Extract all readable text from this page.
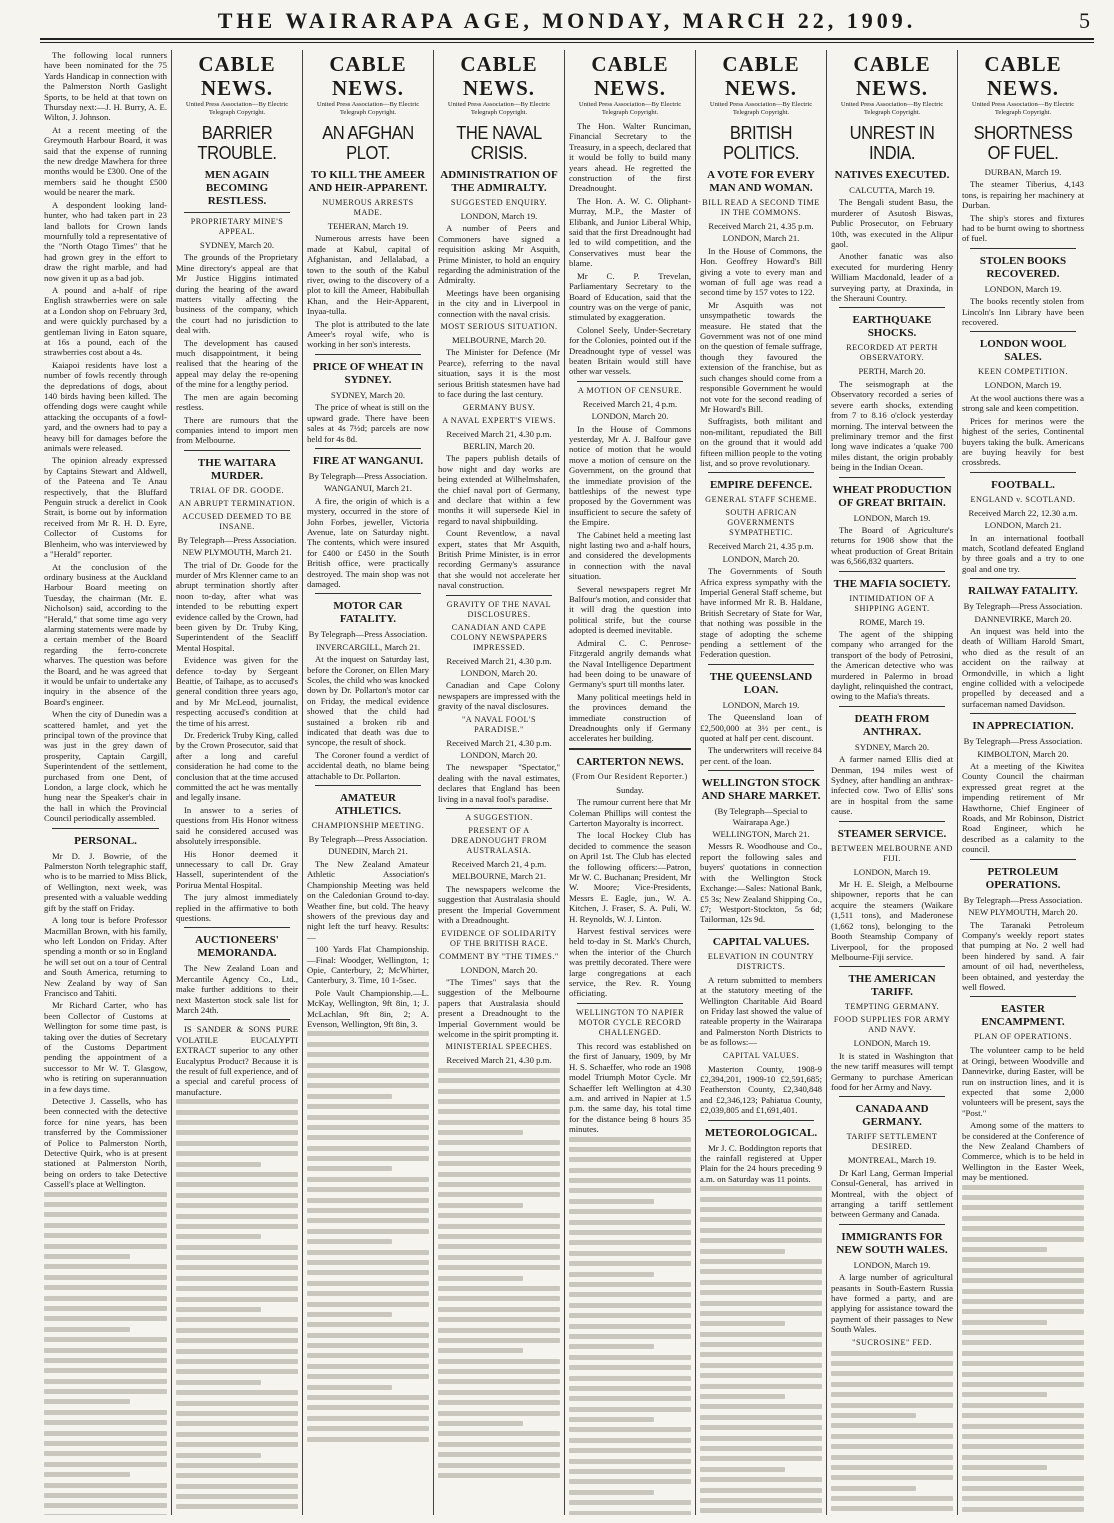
THE WAIRARAPA AGE, MONDAY, MARCH 22, 1909.	5

The following local runners have been nominated for the 75 Yards Handicap in connection with the Palmerston North Gaslight Sports, to be held at that town on Thursday next:—J. H. Burry, A. E. Wilton, J. Johnson.

At a recent meeting of the Greymouth Harbour Board, it was said that the expense of running the new dredge Mawhera for three months would be £300. One of the members said he thought £500 would be nearer the mark.

A despondent looking land-hunter, who had taken part in 23 land ballots for Crown lands mournfully told a representative of the "North Otago Times" that he had grown grey in the effort to draw the right marble, and had now given it up as a bad job.

A pound and a-half of ripe English strawberries were on sale at a London shop on February 3rd, and were quickly purchased by a gentleman living in Eaton square, at 16s a pound, each of the strawberries cost about a 4s.

Kaiapoi residents have lost a number of fowls recently through the depredations of dogs, about 140 birds having been killed. The offending dogs were caught while attacking the occupants of a fowl-yard, and the owners had to pay a heavy bill for damages before the animals were released.

The opinion already expressed by Captains Stewart and Aldwell, of the Pateena and Te Anau respectively, that the Bluffard Penguin struck a derelict in Cook Strait, is borne out by information received from Mr R. H. D. Eyre, Collector of Customs for Blenheim, who was interviewed by a "Herald" reporter.

At the conclusion of the ordinary business at the Auckland Harbour Board meeting on Tuesday, the chairman (Mr. E. Nicholson) said, according to the "Herald," that some time ago very alarming statements were made by a certain member of the Board regarding the ferro-concrete wharves. The question was before the Board, and he was agreed that it would be unfair to undertake any inquiry in the absence of the Board's engineer.

When the city of Dunedin was a scattered hamlet, and yet the principal town of the province that was just in the grey dawn of prosperity, Captain Cargill, Superintendent of the settlement, purchased from one Dent, of London, a large clock, which he hung near the Speaker's chair in the hall in which the Provincial Council periodically assembled.

PERSONAL.

Mr D. J. Bowrie, of the Palmerston North telegraphic staff, who is to be married to Miss Blick, of Wellington, next week, was presented with a valuable wedding gift by the staff on Friday.

A long tour is before Professor Macmillan Brown, with his family, who left London on Friday. After spending a month or so in England he will set out on a tour of Central and South America, returning to New Zealand by way of San Francisco and Tahiti.

Mr Richard Carter, who has been Collector of Customs at Wellington for some time past, is taking over the duties of Secretary of the Customs Department pending the appointment of a successor to Mr W. T. Glasgow, who is retiring on superannuation in a few days time.

Detective J. Cassells, who has been connected with the detective force for nine years, has been transferred by the Commissioner of Police to Palmerston North, Detective Quirk, who is at present stationed at Palmerston North, being on orders to take Detective Cassell's place at Wellington.

CABLE NEWS.
United Press Association—By Electric Telegraph Copyright.
BARRIER TROUBLE.
MEN AGAIN BECOMING RESTLESS.
PROPRIETARY MINE'S APPEAL.
SYDNEY, March 20.

The grounds of the Proprietary Mine directory's appeal are that Mr Justice Higgins intimated during the hearing of the award matters vitally affecting the business of the company, which the court had no jurisdiction to deal with.

The development has caused much disappointment, it being realised that the hearing of the appeal may delay the re-opening of the mine for a lengthy period.

The men are again becoming restless.

There are rumours that the companies intend to import men from Melbourne.

THE WAITARA MURDER.
TRIAL OF DR. GOODE.
AN ABRUPT TERMINATION.
ACCUSED DEEMED TO BE INSANE.
By Telegraph—Press Association.
NEW PLYMOUTH, March 21.

The trial of Dr. Goode for the murder of Mrs Klenner came to an abrupt termination shortly after noon to-day, after what was intended to be rebutting expert evidence called by the Crown, had been given by Dr. Truby King, Superintendent of the Seacliff Mental Hospital.

Evidence was given for the defence to-day by Sergeant Beattie, of Taihape, as to accused's general condition three years ago, and by Mr McLeod, journalist, respecting accused's condition at the time of his arrest.

Dr. Frederick Truby King, called by the Crown Prosecutor, said that after a long and careful consideration he had come to the conclusion that at the time accused committed the act he was mentally and legally insane.

In answer to a series of questions from His Honor witness said he considered accused was absolutely irresponsible.

His Honor deemed it unnecessary to call Dr. Gray Hassell, superintendent of the Porirua Mental Hospital.

The jury almost immediately replied in the affirmative to both questions.

AUCTIONEERS' MEMORANDA.

The New Zealand Loan and Mercantile Agency Co., Ltd., make further additions to their next Masterton stock sale list for March 24th.

IS SANDER & SONS PURE VOLATILE EUCALYPTI EXTRACT superior to any other Eucalyptus Product? Because it is the result of full experience, and of a special and careful process of manufacture.

CABLE NEWS.
United Press Association—By Electric Telegraph Copyright.
AN AFGHAN PLOT.
TO KILL THE AMEER AND HEIR-APPARENT.
NUMEROUS ARRESTS MADE.
TEHERAN, March 19.

Numerous arrests have been made at Kabul, capital of Afghanistan, and Jellalabad, a town to the south of the Kabul river, owing to the discovery of a plot to kill the Ameer, Habibullah Khan, and the Heir-Apparent, Inyaa-tulla.

The plot is attributed to the late Ameer's royal wife, who is working in her son's interests.

PRICE OF WHEAT IN SYDNEY.
SYDNEY, March 20.

The price of wheat is still on the upward grade. There have been sales at 4s 7½d; parcels are now held for 4s 8d.

FIRE AT WANGANUI.
By Telegraph—Press Association.
WANGANUI, March 21.

A fire, the origin of which is a mystery, occurred in the store of John Forbes, jeweller, Victoria Avenue, late on Saturday night. The contents, which were insured for £400 or £450 in the South British office, were practically destroyed. The main shop was not damaged.

MOTOR CAR FATALITY.
By Telegraph—Press Association.
INVERCARGILL, March 21.

At the inquest on Saturday last, before the Coroner, on Ellen Mary Scoles, the child who was knocked down by Dr. Pollarton's motor car on Friday, the medical evidence showed that the child had sustained a broken rib and indicated that death was due to syncope, the result of shock.

The Coroner found a verdict of accidental death, no blame being attachable to Dr. Pollarton.

AMATEUR ATHLETICS.
CHAMPIONSHIP MEETING.
By Telegraph—Press Association.
DUNEDIN, March 21.

The New Zealand Amateur Athletic Association's Championship Meeting was held on the Caledonian Ground to-day. Weather fine, but cold. The heavy showers of the previous day and night left the turf heavy. Results:—

100 Yards Flat Championship.—Final: Woodger, Wellington, 1; Opie, Canterbury, 2; McWhirter, Canterbury, 3. Time, 10 1-5sec.

Pole Vault Championship.—L. McKay, Wellington, 9ft 8in, 1; J. McLachlan, 9ft 8in, 2; A. Evenson, Wellington, 9ft 8in, 3.

CABLE NEWS.
United Press Association—By Electric Telegraph Copyright.
THE NAVAL CRISIS.
ADMINISTRATION OF THE ADMIRALTY.
SUGGESTED ENQUIRY.
LONDON, March 19.

A number of Peers and Commoners have signed a requisition asking Mr Asquith, Prime Minister, to hold an enquiry regarding the administration of the Admiralty.

Meetings have been organising in the city and in Liverpool in connection with the naval crisis.

MOST SERIOUS SITUATION.
MELBOURNE, March 20.

The Minister for Defence (Mr Pearce), referring to the naval situation, says it is the most serious British statesmen have had to face during the last century.

GERMANY BUSY.
A NAVAL EXPERT'S VIEWS.
Received March 21, 4.30 p.m.
BERLIN, March 20.

The papers publish details of how night and day works are being extended at Wilhelmshafen, the chief naval port of Germany, and declare that within a few months it will supersede Kiel in regard to naval shipbuilding.

Count Reventlow, a naval expert, states that Mr Asquith, British Prime Minister, is in error recording Germany's assurance that she would not accelerate her naval construction.

GRAVITY OF THE NAVAL DISCLOSURES.
CANADIAN AND CAPE COLONY NEWSPAPERS IMPRESSED.
Received March 21, 4.30 p.m.
LONDON, March 20.

Canadian and Cape Colony newspapers are impressed with the gravity of the naval disclosures.

"A NAVAL FOOL'S PARADISE."
Received March 21, 4.30 p.m.
LONDON, March 20.

The newspaper "Spectator," dealing with the naval estimates, declares that England has been living in a naval fool's paradise.

A SUGGESTION.
PRESENT OF A DREADNOUGHT FROM AUSTRALASIA.
Received March 21, 4 p.m.
MELBOURNE, March 21.

The newspapers welcome the suggestion that Australasia should present the Imperial Government with a Dreadnought.

EVIDENCE OF SOLIDARITY OF THE BRITISH RACE.
COMMENT BY "THE TIMES."
LONDON, March 20.

"The Times" says that the suggestion of the Melbourne papers that Australasia should present a Dreadnought to the Imperial Government would be welcome in the spirit prompting it.

MINISTERIAL SPEECHES.
Received March 21, 4.30 p.m.
CABLE NEWS.
United Press Association—By Electric Telegraph Copyright.

The Hon. Walter Runciman, Financial Secretary to the Treasury, in a speech, declared that it would be folly to build many years ahead. He regretted the construction of the first Dreadnought.

The Hon. A. W. C. Oliphant-Murray, M.P., the Master of Elibank, and Junior Liberal Whip, said that the first Dreadnought had led to wild competition, and the Conservatives must bear the blame.

Mr C. P. Trevelan, Parliamentary Secretary to the Board of Education, said that the country was on the verge of panic, stimulated by exaggeration.

Colonel Seely, Under-Secretary for the Colonies, pointed out if the Dreadnought type of vessel was beaten Britain would still have other war vessels.

A MOTION OF CENSURE.
Received March 21, 4 p.m.
LONDON, March 20.

In the House of Commons yesterday, Mr A. J. Balfour gave notice of motion that he would move a motion of censure on the Government, on the ground that the immediate provision of the battleships of the newest type proposed by the Government was insufficient to secure the safety of the Empire.

The Cabinet held a meeting last night lasting two and a-half hours, and considered the developments in connection with the naval situation.

Several newspapers regret Mr Balfour's motion, and consider that it will drag the question into political strife, but the course adopted is deemed inevitable.

Admiral C. C. Penrose-Fitzgerald angrily demands what the Naval Intelligence Department had been doing to be unaware of Germany's spurt till months later.

Many political meetings held in the provinces demand the immediate construction of Dreadnoughts only if Germany accelerates her building.

CARTERTON NEWS.
(From Our Resident Reporter.)
Sunday.

The rumour current here that Mr Coleman Phillips will contest the Carterton Mayoralty is incorrect.

The local Hockey Club has decided to commence the season on April 1st. The Club has elected the following officers:—Patron, Mr W. C. Buchanan; President, Mr W. Moore; Vice-Presidents, Messrs E. Eagle, jun., W. A. Kitchen, J. Fraser, S. A. Puli, W. H. Reynolds, W. J. Linton.

Harvest festival services were held to-day in St. Mark's Church, when the interior of the Church was prettily decorated. There were large congregations at each service, the Rev. R. Young officiating.

WELLINGTON TO NAPIER MOTOR CYCLE RECORD CHALLENGED.

This record was established on the first of January, 1909, by Mr H. S. Schaeffer, who rode an 1908 model Triumph Motor Cycle. Mr Schaeffer left Wellington at 4.30 a.m. and arrived in Napier at 1.5 p.m. the same day, his total time for the distance being 8 hours 35 minutes.

CABLE NEWS.
United Press Association—By Electric Telegraph Copyright.
BRITISH POLITICS.
A VOTE FOR EVERY MAN AND WOMAN.
BILL READ A SECOND TIME IN THE COMMONS.
Received March 21, 4.35 p.m.
LONDON, March 21.

In the House of Commons, the Hon. Geoffrey Howard's Bill giving a vote to every man and woman of full age was read a second time by 157 votes to 122.

Mr Asquith was not unsympathetic towards the measure. He stated that the Government was not of one mind on the question of female suffrage, though they favoured the extension of the franchise, but as such changes should come from a responsible Government he would not vote for the second reading of Mr Howard's Bill.

Suffragists, both militant and non-militant, repudiated the Bill on the ground that it would add fifteen million people to the voting list, and so prove revolutionary.

EMPIRE DEFENCE.
GENERAL STAFF SCHEME.
SOUTH AFRICAN GOVERNMENTS SYMPATHETIC.
Received March 21, 4.35 p.m.
LONDON, March 20.

The Governments of South Africa express sympathy with the Imperial General Staff scheme, but have informed Mr R. B. Haldane, British Secretary of State for War, that nothing was possible in the stage of adopting the scheme pending a settlement of the Federation question.

THE QUEENSLAND LOAN.
LONDON, March 19.

The Queensland loan of £2,500,000 at 3½ per cent., is quoted at half per cent. discount.

The underwriters will receive 84 per cent. of the loan.

WELLINGTON STOCK AND SHARE MARKET.
(By Telegraph—Special to Wairarapa Age.)
WELLINGTON, March 21.

Messrs R. Woodhouse and Co., report the following sales and buyers' quotations in connection with the Wellington Stock Exchange:—Sales: National Bank, £5 3s; New Zealand Shipping Co., £7; Westport-Stockton, 5s 6d; Tailorman, 12s 9d.

CAPITAL VALUES.
ELEVATION IN COUNTRY DISTRICTS.

A return submitted to members at the statutory meeting of the Wellington Charitable Aid Board on Friday last showed the value of rateable property in the Wairarapa and Palmerston North Districts to be as follows:—

CAPITAL VALUES.

Masterton County, 1908-9 £2,394,201, 1909-10 £2,591,685; Featherston County, £2,340,848 and £2,346,123; Pahiatua County, £2,039,805 and £1,691,401.

METEOROLOGICAL.

Mr J. C. Boddington reports that the rainfall registered at Upper Plain for the 24 hours preceding 9 a.m. on Saturday was 11 points.

CABLE NEWS.
United Press Association—By Electric Telegraph Copyright.
UNREST IN INDIA.
NATIVES EXECUTED.
CALCUTTA, March 19.

The Bengali student Basu, the murderer of Asutosh Biswas, Public Prosecutor, on February 10th, was executed in the Alipur gaol.

Another fanatic was also executed for murdering Henry William Macdonald, leader of a surveying party, at Draxinda, in the Sherauni Country.

EARTHQUAKE SHOCKS.
RECORDED AT PERTH OBSERVATORY.
PERTH, March 20.

The seismograph at the Observatory recorded a series of severe earth shocks, extending from 7 to 8.16 o'clock yesterday morning. The interval between the preliminary tremor and the first long wave indicates a 'quake 700 miles distant, the origin probably being in the Indian Ocean.

WHEAT PRODUCTION OF GREAT BRITAIN.
LONDON, March 19.

The Board of Agriculture's returns for 1908 show that the wheat production of Great Britain was 6,566,832 quarters.

THE MAFIA SOCIETY.
INTIMIDATION OF A SHIPPING AGENT.
ROME, March 19.

The agent of the shipping company who arranged for the transport of the body of Petrosini, the American detective who was murdered in Palermo in broad daylight, relinquished the contract, owing to the Mafia's threats.

DEATH FROM ANTHRAX.
SYDNEY, March 20.

A farmer named Ellis died at Denman, 194 miles west of Sydney, after handling an anthrax-infected cow. Two of Ellis' sons are in hospital from the same cause.

STEAMER SERVICE.
BETWEEN MELBOURNE AND FIJI.
LONDON, March 19.

Mr H. E. Sleigh, a Melbourne shipowner, reports that he can acquire the steamers (Waikare (1,511 tons), and Maderonese (1,662 tons), belonging to the Booth Steamship Company of Liverpool, for the proposed Melbourne-Fiji service.

THE AMERICAN TARIFF.
TEMPTING GERMANY.
FOOD SUPPLIES FOR ARMY AND NAVY.
LONDON, March 19.

It is stated in Washington that the new tariff measures will tempt Germany to purchase American food for her Army and Navy.

CANADA AND GERMANY.
TARIFF SETTLEMENT DESIRED.
MONTREAL, March 19.

Dr Karl Lang, German Imperial Consul-General, has arrived in Montreal, with the object of arranging a tariff settlement between Germany and Canada.

IMMIGRANTS FOR NEW SOUTH WALES.
LONDON, March 19.

A large number of agricultural peasants in South-Eastern Russia have formed a party, and are applying for assistance toward the payment of their passages to New South Wales.

"SUCROSINE" FED.
CABLE NEWS.
United Press Association—By Electric Telegraph Copyright.
SHORTNESS OF FUEL.
DURBAN, March 19.

The steamer Tiberius, 4,143 tons, is repairing her machinery at Durban.

The ship's stores and fixtures had to be burnt owing to shortness of fuel.

STOLEN BOOKS RECOVERED.
LONDON, March 19.

The books recently stolen from Lincoln's Inn Library have been recovered.

LONDON WOOL SALES.
KEEN COMPETITION.
LONDON, March 19.

At the wool auctions there was a strong sale and keen competition.

Prices for merinos were the highest of the series, Continental buyers taking the bulk. Americans are buying heavily for best crossbreds.

FOOTBALL.
ENGLAND v. SCOTLAND.
Received March 22, 12.30 a.m.
LONDON, March 21.

In an international football match, Scotland defeated England by three goals and a try to one goal and one try.

RAILWAY FATALITY.
By Telegraph—Press Association.
DANNEVIRKE, March 20.

An inquest was held into the death of William Harold Smart, who died as the result of an accident on the railway at Ormondville, in which a light engine collided with a velocipede propelled by deceased and a surfaceman named Davidson.

IN APPRECIATION.
By Telegraph—Press Association.
KIMBOLTON, March 20.

At a meeting of the Kiwitea County Council the chairman expressed great regret at the impending retirement of Mr Hawthorne, Chief Engineer of Roads, and Mr Robinson, District Road Engineer, which he described as a calamity to the council.

PETROLEUM OPERATIONS.
By Telegraph—Press Association.
NEW PLYMOUTH, March 20.

The Taranaki Petroleum Company's weekly report states that pumping at No. 2 well had been hindered by sand. A fair amount of oil had, nevertheless, been obtained, and yesterday the well flowed.

EASTER ENCAMPMENT.
PLAN OF OPERATIONS.

The volunteer camp to be held at Oringi, between Woodville and Dannevirke, during Easter, will be run on instruction lines, and it is expected that some 2,000 volunteers will be present, says the "Post."

Among some of the matters to be considered at the Conference of the New Zealand Chambers of Commerce, which is to be held in Wellington in the Easter Week, may be mentioned.
